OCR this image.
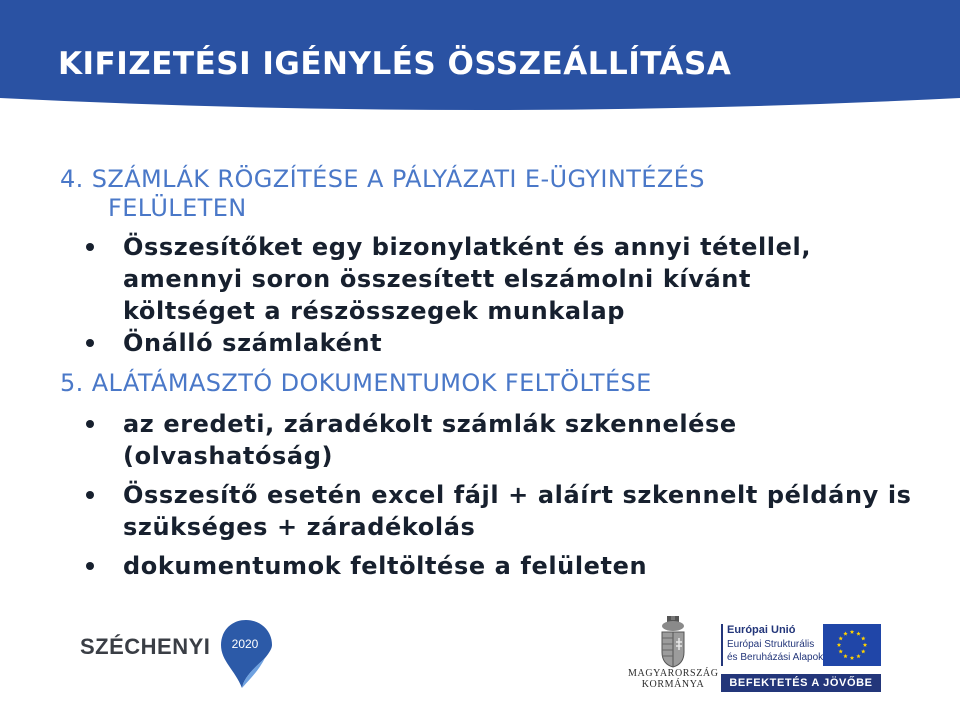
KIFIZETÉSI IGÉNYLÉS ÖSSZEÁLLÍTÁSA
4. SZÁMLÁK RÖGZÍTÉSE A PÁLYÁZATI E-ÜGYINTÉZÉS
FELÜLETEN
Összesítőket egy bizonylatként és annyi tétellel, amennyi soron összesített elszámolni kívánt költséget a részösszegek munkalap
Önálló számlaként
5. ALÁTÁMASZTÓ DOKUMENTUMOK FELTÖLTÉSE
az eredeti, záradékolt számlák szkennelése (olvashatóság)
Összesítő esetén excel fájl + aláírt szkennelt példány is szükséges + záradékolás
dokumentumok feltöltése a felületen
SZÉCHENYI	2020
MAGYARORSZÁG
KORMÁNYA
Európai Unió
Európai Strukturális
és Beruházási Alapok
BEFEKTETÉS A JÖVŐBE
